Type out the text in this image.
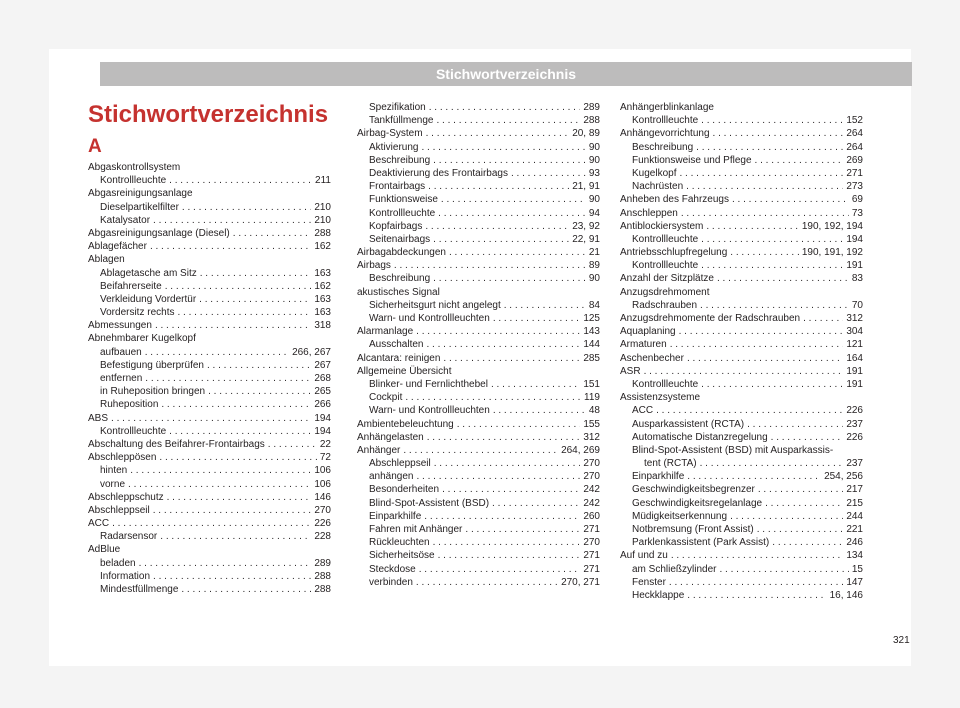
Stichwortverzeichnis
Stichwortverzeichnis
A
Abgaskontrollsystem
Kontrollleuchte . . .	211
Abgasreinigungsanlage
Dieselpartikelfilter . . .	210
Katalysator . . .	210
Abgasreinigungsanlage (Diesel) . . .	288
Ablagefächer . . .	162
Ablagen
Ablagetasche am Sitz . . .	163
Beifahrerseite . . .	162
Verkleidung Vordertür . . .	163
Vordersitz rechts . . .	163
Abmessungen . . .	318
Abnehmbarer Kugelkopf
aufbauen . . .	266, 267
Befestigung überprüfen . . .	267
entfernen . . .	268
in Ruheposition bringen . . .	265
Ruheposition . . .	266
ABS . . .	194
Kontrollleuchte . . .	194
Abschaltung des Beifahrer-Frontairbags . . .	22
Abschleppösen . . .	72
hinten . . .	106
vorne . . .	106
Abschleppschutz . . .	146
Abschleppseil . . .	270
ACC . . .	226
Radarsensor . . .	228
AdBlue
beladen . . .	289
Information . . .	288
Mindestfüllmenge . . .	288
Spezifikation . . .	289
Tankfüllmenge . . .	288
Airbag-System . . .	20, 89
Aktivierung . . .	90
Beschreibung . . .	90
Deaktivierung des Frontairbags . . .	93
Frontairbags . . .	21, 91
Funktionsweise . . .	90
Kontrollleuchte . . .	94
Kopfairbags . . .	23, 92
Seitenairbags . . .	22, 91
Airbagabdeckungen . . .	21
Airbags . . .	89
Beschreibung . . .	90
akustisches Signal
Sicherheitsgurt nicht angelegt . . .	84
Warn- und Kontrollleuchten . . .	125
Alarmanlage . . .	143
Ausschalten . . .	144
Alcantara: reinigen . . .	285
Allgemeine Übersicht
Blinker- und Fernlichthebel . . .	151
Cockpit . . .	119
Warn- und Kontrollleuchten . . .	48
Ambientebeleuchtung . . .	155
Anhängelasten . . .	312
Anhänger . . .	264, 269
Abschleppseil . . .	270
anhängen . . .	270
Besonderheiten . . .	242
Blind-Spot-Assistent (BSD) . . .	242
Einparkhilfe . . .	260
Fahren mit Anhänger . . .	271
Rückleuchten . . .	270
Sicherheitsöse . . .	271
Steckdose . . .	271
verbinden . . .	270, 271
Anhängerblinkanlage
Kontrollleuchte . . .	152
Anhängevorrichtung . . .	264
Beschreibung . . .	264
Funktionsweise und Pflege . . .	269
Kugelkopf . . .	271
Nachrüsten . . .	273
Anheben des Fahrzeugs . . .	69
Anschleppen . . .	73
Antiblockiersystem . . .	190, 192, 194
Kontrollleuchte . . .	194
Antriebsschlupfregelung . . .	190, 191, 192
Kontrollleuchte . . .	191
Anzahl der Sitzplätze . . .	83
Anzugsdrehmoment
Radschrauben . . .	70
Anzugsdrehmomente der Radschrauben . . .	312
Aquaplaning . . .	304
Armaturen . . .	121
Aschenbecher . . .	164
ASR . . .	191
Kontrollleuchte . . .	191
Assistenzsysteme
ACC . . .	226
Ausparkassistent (RCTA) . . .	237
Automatische Distanzregelung . . .	226
Blind-Spot-Assistent (BSD) mit Ausparkassis-
tent (RCTA) . . .	237
Einparkhilfe . . .	254, 256
Geschwindigkeitsbegrenzer . . .	217
Geschwindigkeitsregelanlage . . .	215
Müdigkeitserkennung . . .	244
Notbremsung (Front Assist) . . .	221
Parklenkassistent (Park Assist) . . .	246
Auf und zu . . .	134
am Schließzylinder . . .	15
Fenster . . .	147
Heckklappe . . .	16, 146
321
